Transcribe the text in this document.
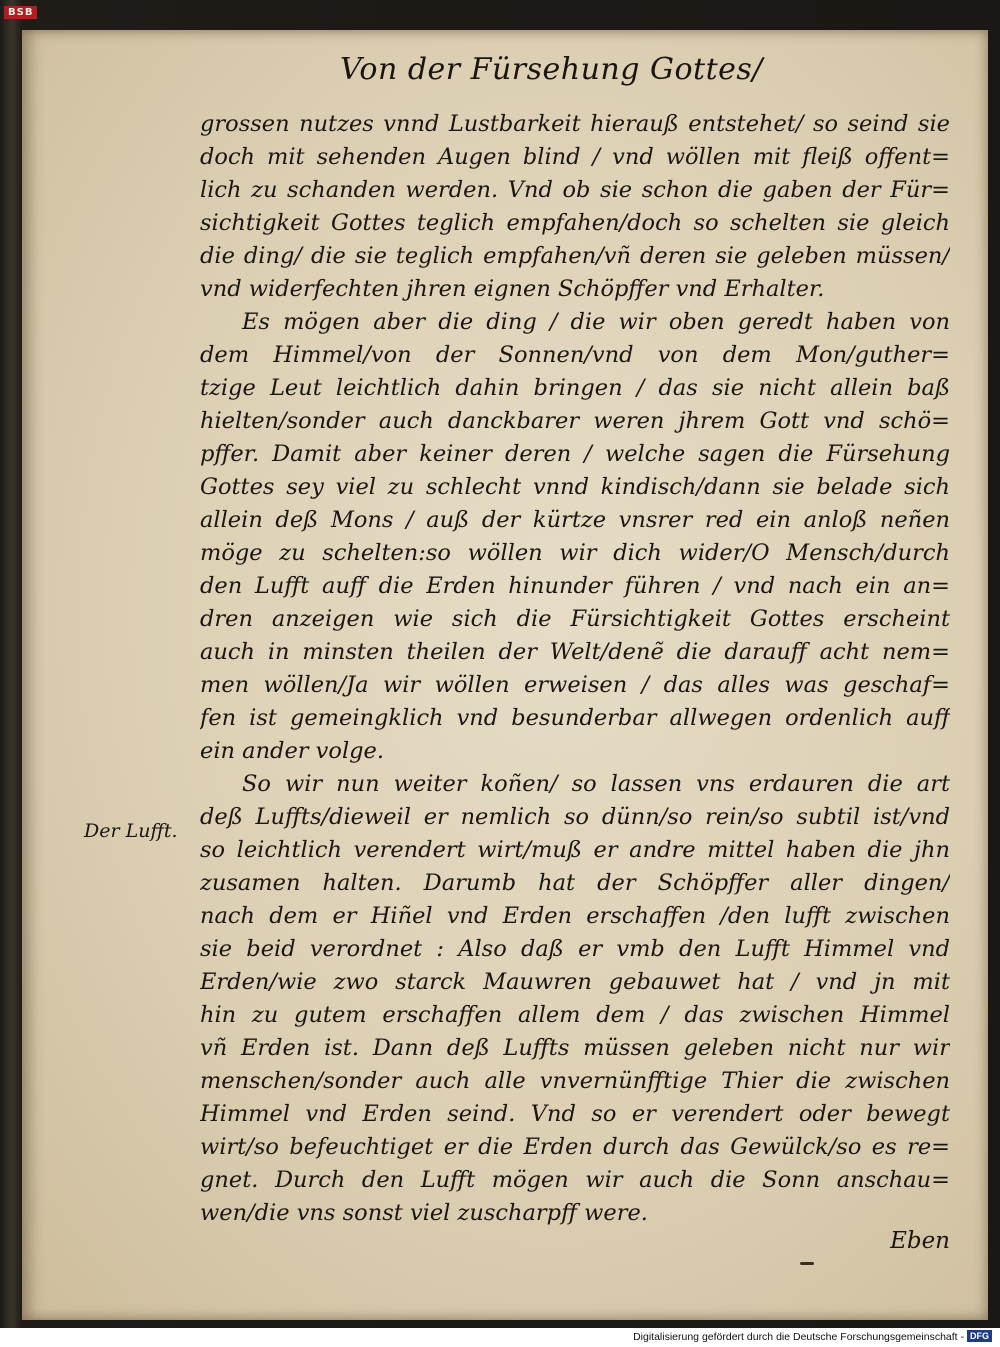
BSB
Von der Fürsehung Gottes/
grossen nutzes vnnd Lustbarkeit hierauß entstehet/ so seind sie
doch mit sehenden Augen blind / vnd wöllen mit fleiß offent=
lich zu schanden werden. Vnd ob sie schon die gaben der Für=
sichtigkeit Gottes teglich empfahen/doch so schelten sie gleich
die ding/ die sie teglich empfahen/vñ deren sie geleben müssen/
vnd widerfechten jhren eignen Schöpffer vnd Erhalter.
Es mögen aber die ding / die wir oben geredt haben von
dem Himmel/von der Sonnen/vnd von dem Mon/guther=
tzige Leut leichtlich dahin bringen / das sie nicht allein baß
hielten/sonder auch danckbarer weren jhrem Gott vnd schö=
pffer. Damit aber keiner deren / welche sagen die Fürsehung
Gottes sey viel zu schlecht vnnd kindisch/dann sie belade sich
allein deß Mons / auß der kürtze vnsrer red ein anloß neñen
möge zu schelten:so wöllen wir dich wider/O Mensch/durch
den Lufft auff die Erden hinunder führen / vnd nach ein an=
dren anzeigen wie sich die Fürsichtigkeit Gottes erscheint
auch in minsten theilen der Welt/denẽ die darauff acht nem=
men wöllen/Ja wir wöllen erweisen / das alles was geschaf=
fen ist gemeingklich vnd besunderbar allwegen ordenlich auff
ein ander volge.
So wir nun weiter koñen/ so lassen vns erdauren die art
deß Luffts/dieweil er nemlich so dünn/so rein/so subtil ist/vnd
so leichtlich verendert wirt/muß er andre mittel haben die jhn
zusamen halten. Darumb hat der Schöpffer aller dingen/
nach dem er Hiñel vnd Erden erschaffen /den lufft zwischen
sie beid verordnet : Also daß er vmb den Lufft Himmel vnd
Erden/wie zwo starck Mauwren gebauwet hat / vnd jn mit
hin zu gutem erschaffen allem dem / das zwischen Himmel
vñ Erden ist. Dann deß Luffts müssen geleben nicht nur wir
menschen/sonder auch alle vnvernünfftige Thier die zwischen
Himmel vnd Erden seind. Vnd so er verendert oder bewegt
wirt/so befeuchtiget er die Erden durch das Gewülck/so es re=
gnet. Durch den Lufft mögen wir auch die Sonn anschau=
wen/die vns sonst viel zuscharpff were.
Der Lufft.
Eben
Digitalisierung gefördert durch die Deutsche Forschungsgemeinschaft - DFG
